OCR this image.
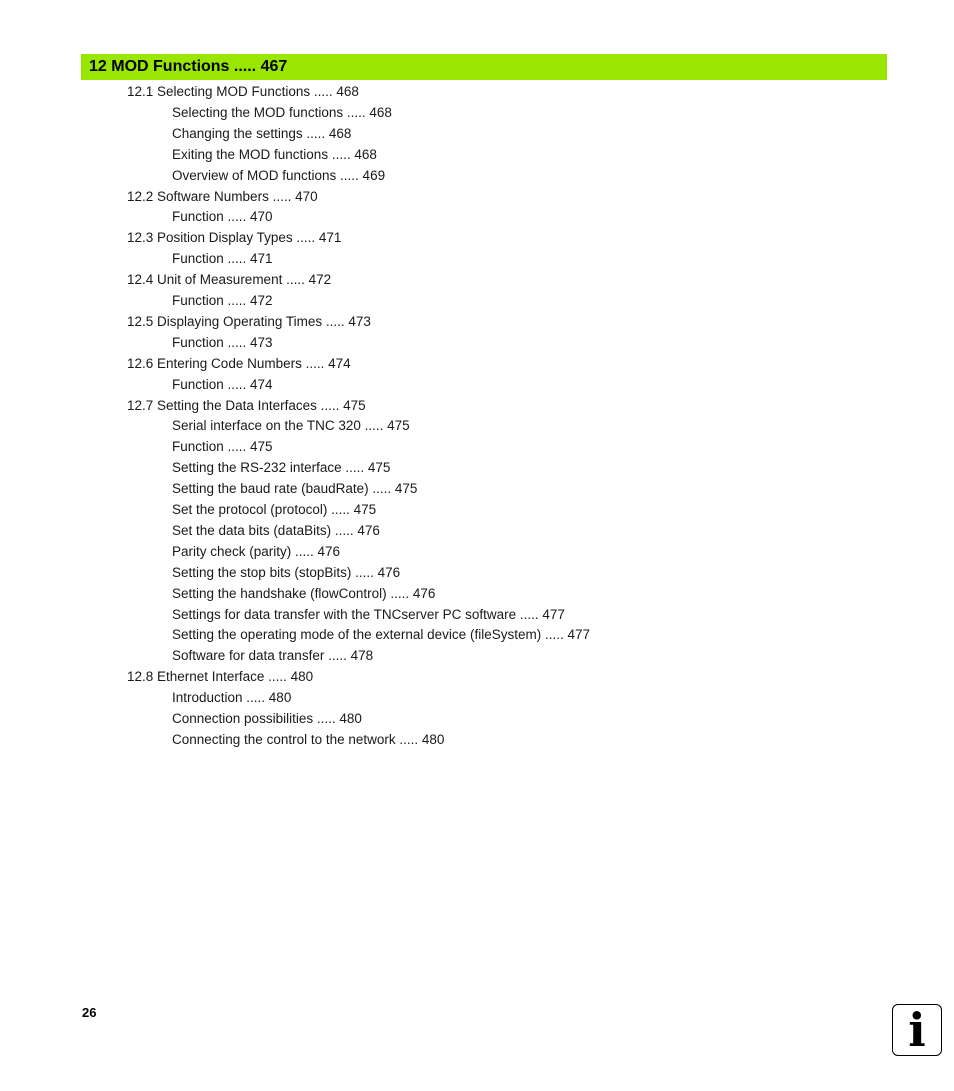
12 MOD Functions ..... 467
12.1 Selecting MOD Functions ..... 468
Selecting the MOD functions ..... 468
Changing the settings ..... 468
Exiting the MOD functions ..... 468
Overview of MOD functions ..... 469
12.2 Software Numbers ..... 470
Function ..... 470
12.3 Position Display Types ..... 471
Function ..... 471
12.4 Unit of Measurement ..... 472
Function ..... 472
12.5 Displaying Operating Times ..... 473
Function ..... 473
12.6 Entering Code Numbers ..... 474
Function ..... 474
12.7 Setting the Data Interfaces ..... 475
Serial interface on the TNC 320 ..... 475
Function ..... 475
Setting the RS-232 interface ..... 475
Setting the baud rate (baudRate) ..... 475
Set the protocol (protocol) ..... 475
Set the data bits (dataBits) ..... 476
Parity check (parity) ..... 476
Setting the stop bits (stopBits) ..... 476
Setting the handshake (flowControl) ..... 476
Settings for data transfer with the TNCserver PC software ..... 477
Setting the operating mode of the external device (fileSystem) ..... 477
Software for data transfer ..... 478
12.8 Ethernet Interface ..... 480
Introduction ..... 480
Connection possibilities ..... 480
Connecting the control to the network ..... 480
26	i
